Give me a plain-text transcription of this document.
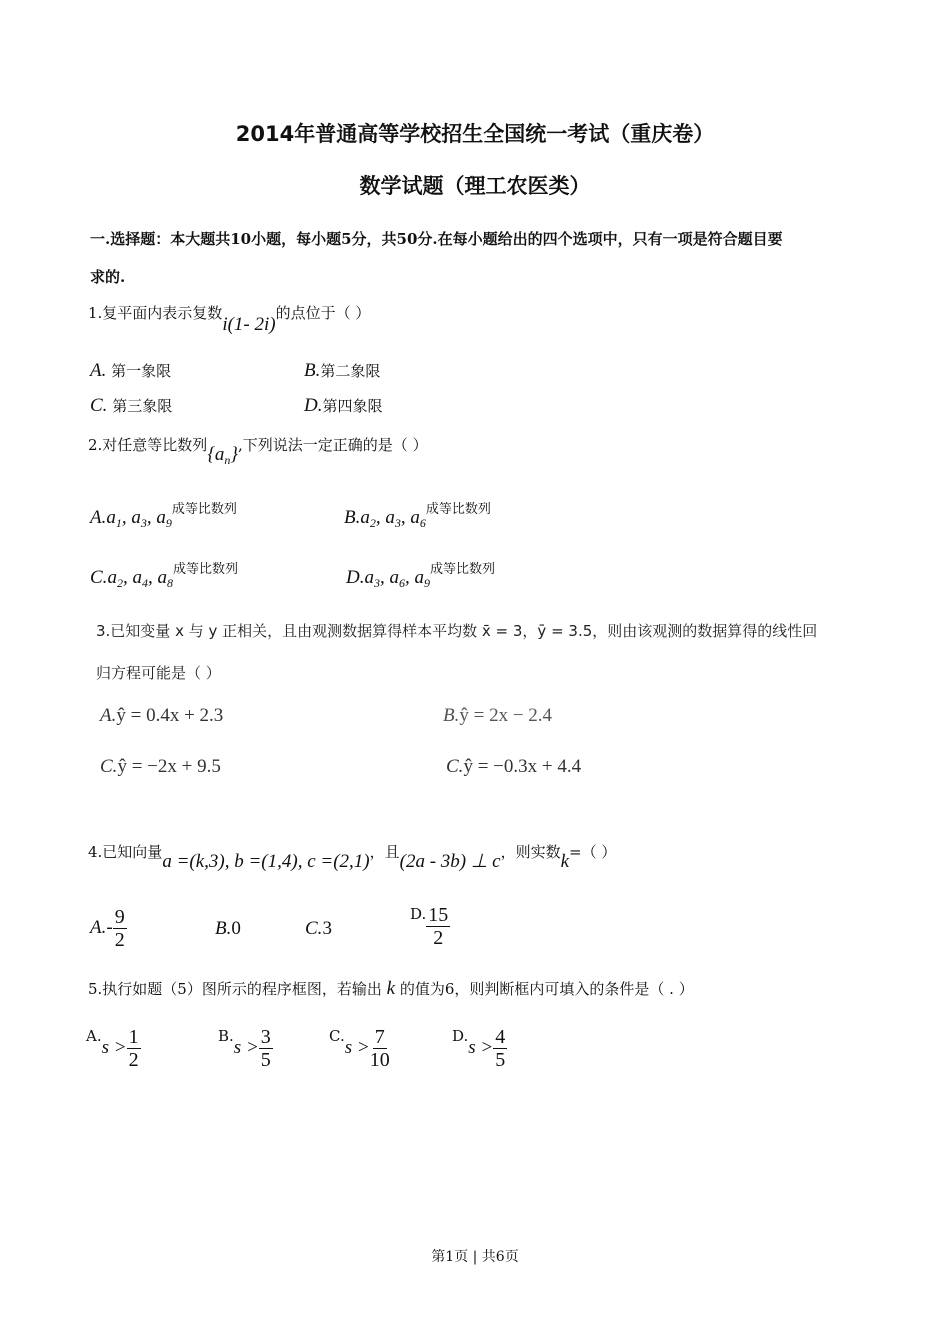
2014年普通高等学校招生全国统一考试（重庆卷）
数学试题（理工农医类）
一.选择题：本大题共10小题，每小题5分，共50分.在每小题给出的四个选项中，只有一项是符合题目要
求的.
1.复平面内表示复数i(1- 2i)的点位于（ ）
A. 第一象限	B.第二象限
C. 第三象限	D.第四象限
2.对任意等比数列$\{a_n\}$,下列说法一定正确的是（ ）
$A.a_1$, $a_3$, $a_9^{成等比数列}$	$B.a_2$, $a_3$, $a_6^{成等比数列}$
$C.a_2$, $a_4$, $a_8^{成等比数列}$	$D.a_3$, $a_6$, $a_9^{成等比数列}$
3.已知变量 x 与 y 正相关，且由观测数据算得样本平均数 x̄ = 3，ȳ = 3.5，则由该观测的数据算得的线性回
归方程可能是（ ）
A.ŷ = 0.4x + 2.3	B.ŷ = 2x − 2.4
C.ŷ = −2x + 9.5	C.ŷ = −0.3x + 4.4
4.已知向量a =(k,3), b =(1,4), c =(2,1)，且(2a - 3b) ⊥ c，则实数k=（ ）
$A.- \frac{9}{2}$	B.0	C.3
D. $\frac{15}{2}$
5.执行如题（5）图所示的程序框图，若输出 k 的值为6，则判断框内可填入的条件是（ . ）
$A.s > \frac{1}{2}$	$B.s > \frac{3}{5}$	$C.s > \frac{7}{10}$	$D.s > \frac{4}{5}$
第1页 | 共6页
